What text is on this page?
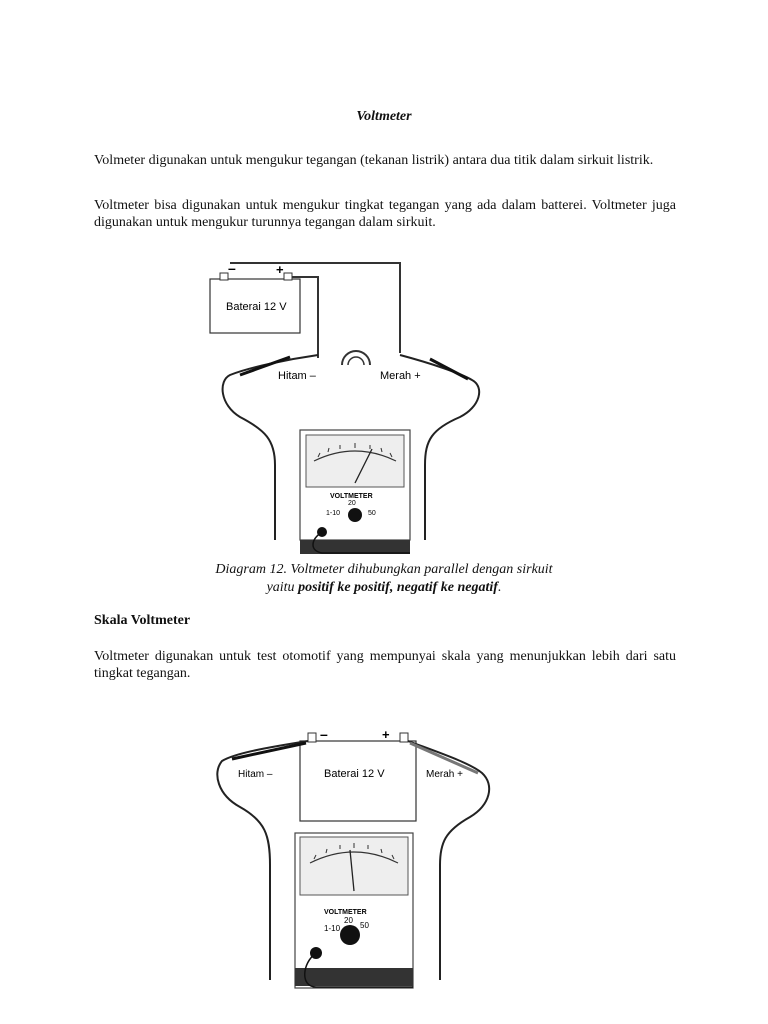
Voltmeter

Volmeter digunakan untuk mengukur tegangan (tekanan listrik) antara dua titik dalam sirkuit listrik.

Voltmeter bisa digunakan untuk mengukur tingkat tegangan yang ada dalam batterei. Voltmeter juga digunakan untuk mengukur turunnya tegangan dalam sirkuit.

–	+
Baterai 12 V
Hitam –	Merah +
VOLTMETER
20
1-10	50
Diagram 12. Voltmeter dihubungkan parallel dengan sirkuit
yaitu positif ke positif, negatif ke negatif.
Skala Voltmeter

Voltmeter digunakan untuk test otomotif yang mempunyai skala yang menunjukkan lebih dari satu tingkat tegangan.

–	+
Baterai 12 V
Hitam –	Merah +
VOLTMETER
20
1-10 50
